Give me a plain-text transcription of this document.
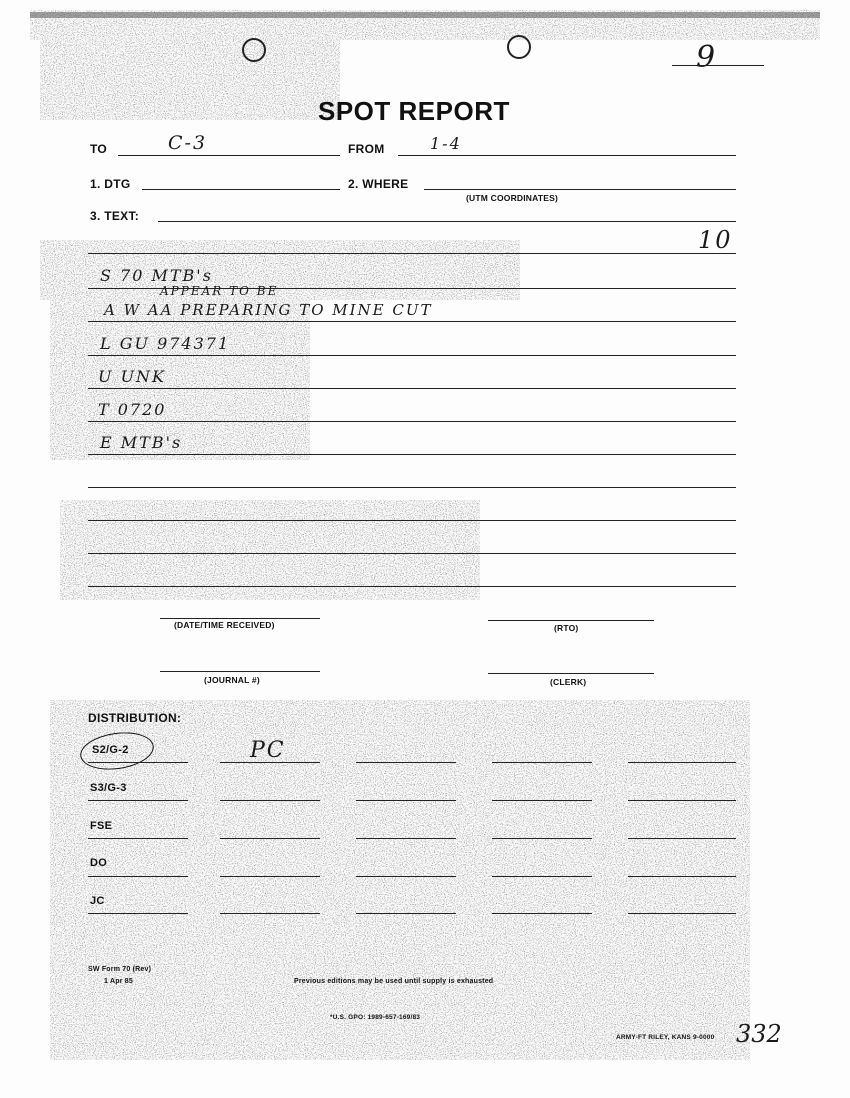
9
SPOT REPORT
TO	C-3	FROM	1-4
1. DTG	2. WHERE
(UTM COORDINATES)
3. TEXT:
10
S 70 MTB's
APPEAR TO BE
A W AA PREPARING TO MINE CUT
L GU 974371
U UNK
T 0720
E MTB's
(DATE/TIME RECEIVED)	(RTO)
(JOURNAL #)	(CLERK)
DISTRIBUTION:
S2/G-2	PC
S3/G-3
FSE
DO
JC
SW Form 70 (Rev)
1 Apr 85	Previous editions may be used until supply is exhausted
*U.S. GPO: 1989-657-169/83
ARMY-FT RILEY, KANS 9-0000 332
